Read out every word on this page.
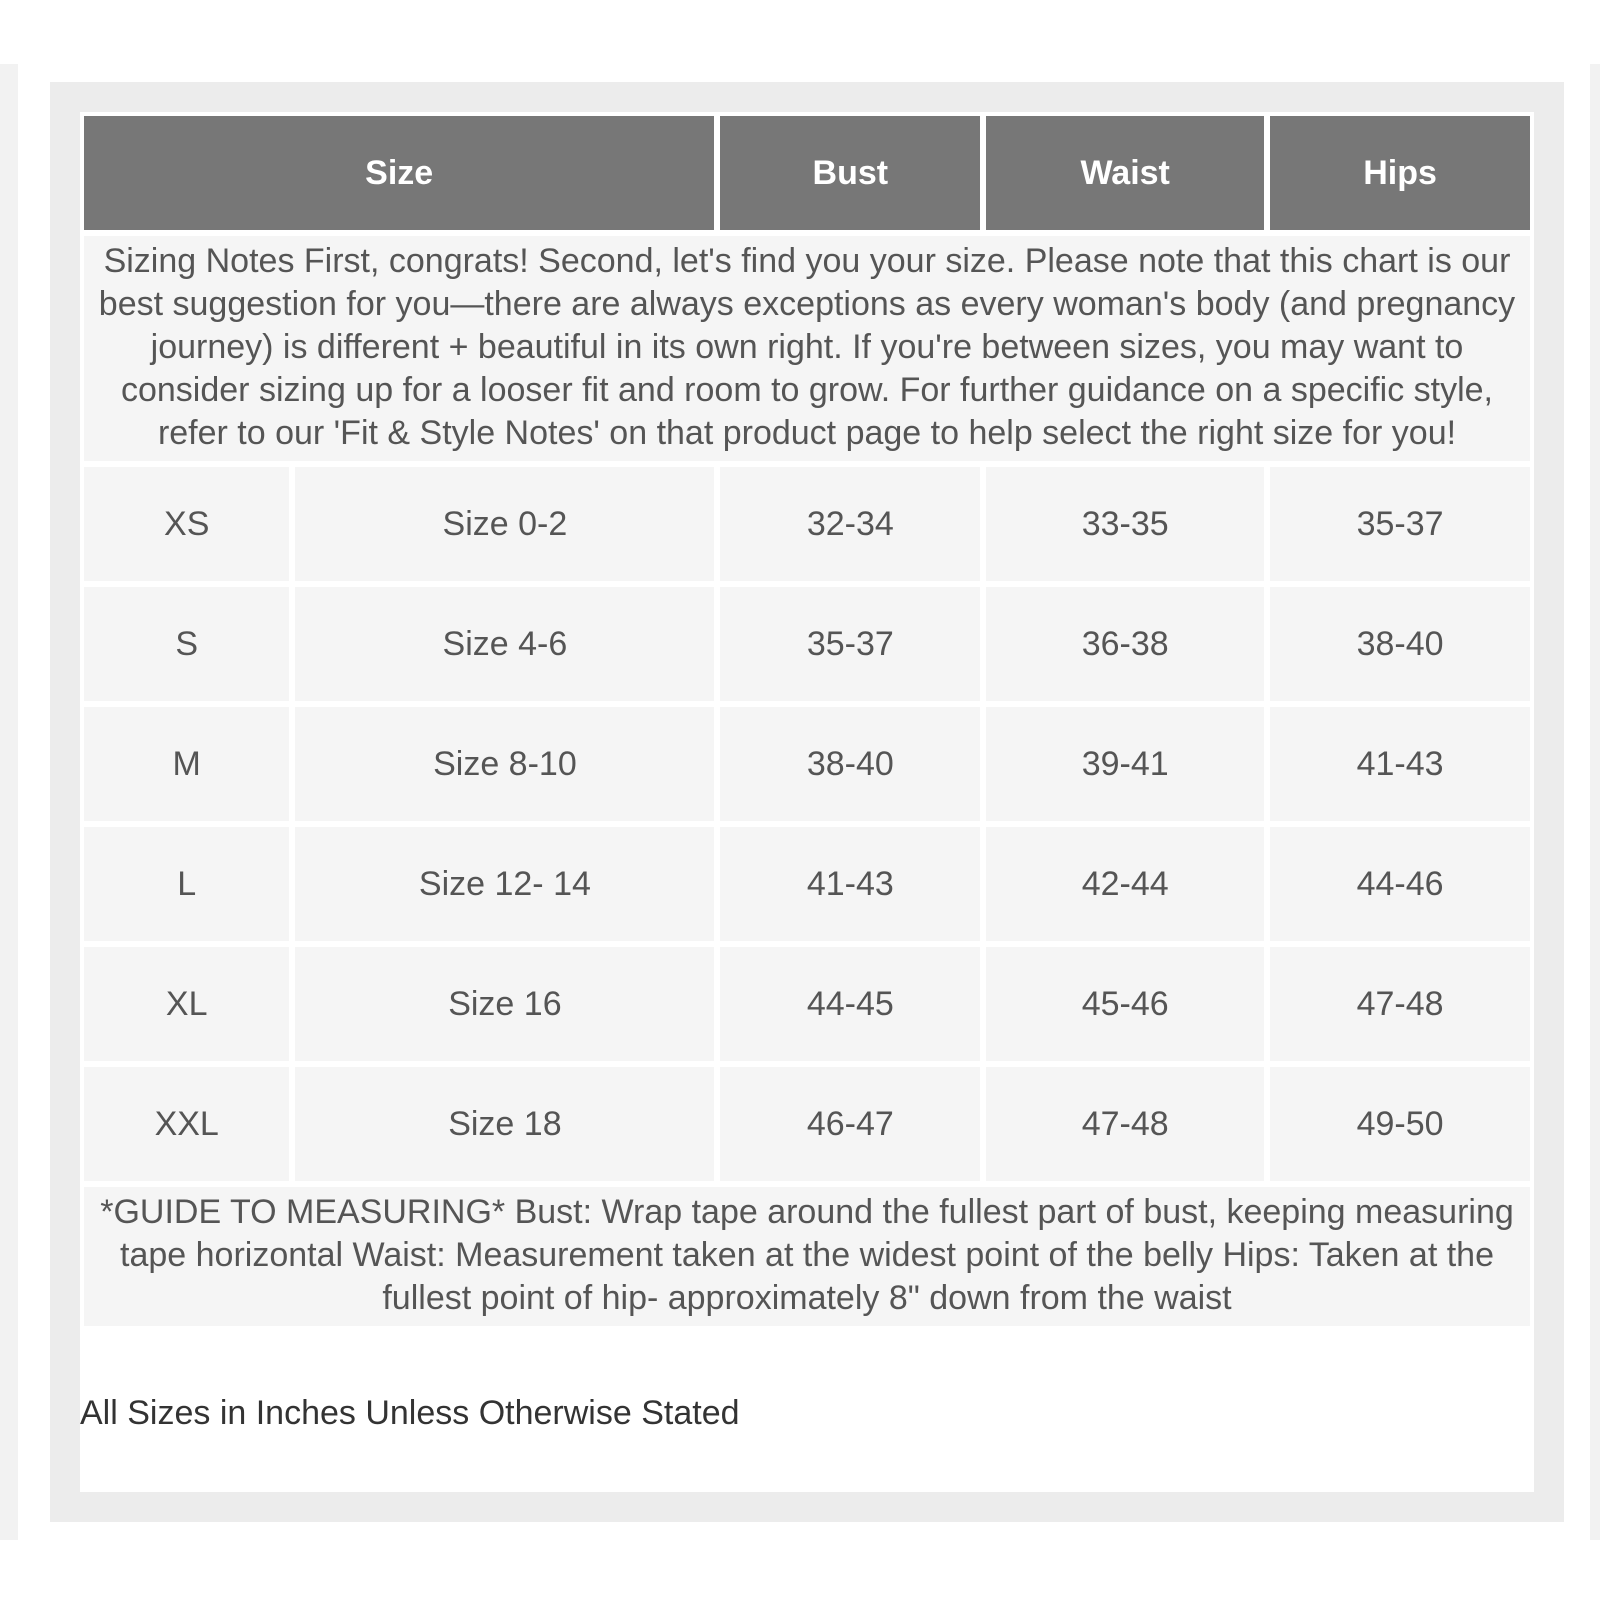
Size		Bust	Waist	Hips
Sizing Notes First, congrats! Second, let's find you your size. Please note that this chart is our best suggestion for you—there are always exceptions as every woman's body (and pregnancy journey) is different + beautiful in its own right. If you're between sizes, you may want to consider sizing up for a looser fit and room to grow. For further guidance on a specific style, refer to our 'Fit & Style Notes' on that product page to help select the right size for you!				
XS	Size 0-2	32-34	33-35	35-37
S	Size 4-6	35-37	36-38	38-40
M	Size 8-10	38-40	39-41	41-43
L	Size 12- 14	41-43	42-44	44-46
XL	Size 16	44-45	45-46	47-48
XXL	Size 18	46-47	47-48	49-50
*GUIDE TO MEASURING* Bust: Wrap tape around the fullest part of bust, keeping measuring tape horizontal Waist: Measurement taken at the widest point of the belly Hips: Taken at the fullest point of hip- approximately 8" down from the waist				
All Sizes in Inches Unless Otherwise Stated
